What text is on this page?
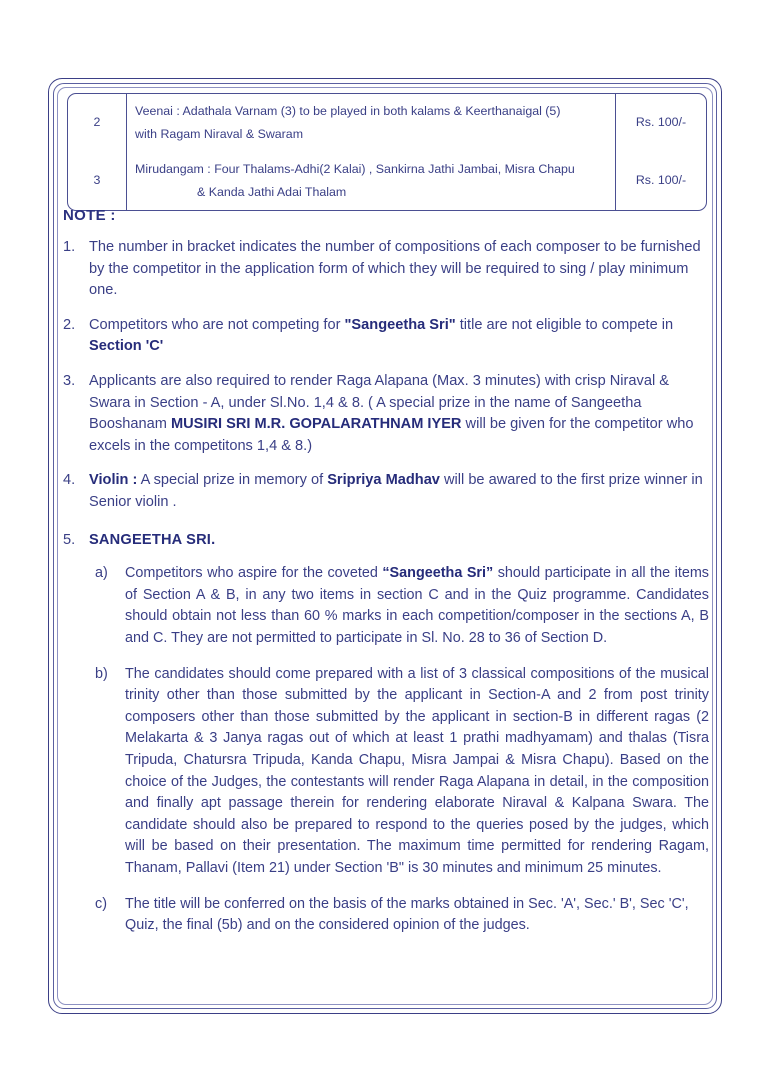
2	Veenai : Adathala Varnam (3) to be played in both kalams & Keerthanaigal (5)
with Ragam Niraval & Swaram	Rs. 100/-
3	Mirudangam : Four Thalams-Adhi(2 Kalai) , Sankirna Jathi Jambai, Misra Chapu
& Kanda Jathi Adai Thalam	Rs. 100/-
NOTE :
1. The number in bracket indicates the number of compositions of each composer to be furnished by the competitor in the application form of which they will be required to sing / play minimum one.
2. Competitors who are not competing for "Sangeetha Sri" title are not eligible to compete in Section 'C'
3. Applicants are also required to render Raga Alapana (Max. 3 minutes) with crisp Niraval & Swara in Section - A, under Sl.No. 1,4 & 8. ( A special prize in the name of Sangeetha Booshanam MUSIRI SRI M.R. GOPALARATHNAM IYER will be given for the competitor who excels in the competitons 1,4 & 8.)
4. Violin : A special prize in memory of Sripriya Madhav will be awared to the first prize winner in Senior violin .
5. SANGEETHA SRI.
a)	Competitors who aspire for the coveted “Sangeetha Sri” should participate in all the items of Section A & B, in any two items in section C and in the Quiz programme. Candidates should obtain not less than 60 % marks in each competition/composer in the sections A, B and C. They are not permitted to participate in Sl. No. 28 to 36 of Section D.
b)	The candidates should come prepared with a list of 3 classical compositions of the musical trinity other than those submitted by the applicant in Section-A and 2 from post trinity composers other than those submitted by the applicant in section-B in different ragas (2 Melakarta & 3 Janya ragas out of which at least 1 prathi madhyamam) and thalas (Tisra Tripuda, Chatursra Tripuda, Kanda Chapu, Misra Jampai & Misra Chapu). Based on the choice of the Judges, the contestants will render Raga Alapana in detail, in the composition and finally apt passage therein for rendering elaborate Niraval & Kalpana Swara. The candidate should also be prepared to respond to the queries posed by the judges, which will be based on their presentation. The maximum time permitted for rendering Ragam, Thanam, Pallavi (Item 21) under Section 'B" is 30 minutes and minimum 25 minutes.
c)	The title will be conferred on the basis of the marks obtained in Sec. 'A', Sec.' B', Sec 'C', Quiz, the final (5b) and on the considered opinion of the judges.
